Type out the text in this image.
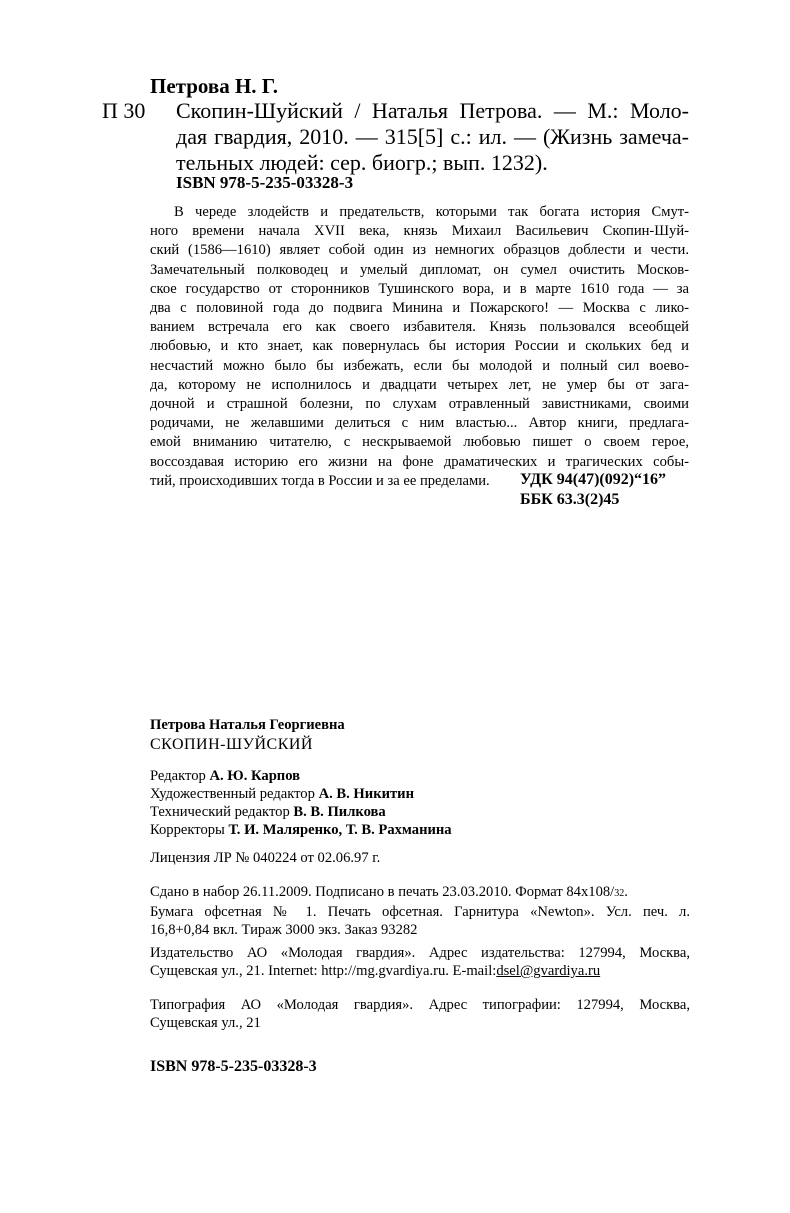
Петрова Н. Г.
П 30 Скопин-Шуйский / Наталья Петрова. — М.: Моло-
дая гвардия, 2010. — 315[5] с.: ил. — (Жизнь замеча-
тельных людей: сер. биогр.; вып. 1232).
ISBN 978-5-235-03328-3
В череде злодейств и предательств, которыми так богата история Смут-
ного времени начала XVII века, князь Михаил Васильевич Скопин-Шуй-
ский (1586—1610) являет собой один из немногих образцов доблести и чести.
Замечательный полководец и умелый дипломат, он сумел очистить Москов-
ское государство от сторонников Тушинского вора, и в марте 1610 года — за
два с половиной года до подвига Минина и Пожарского! — Москва с лико-
ванием встречала его как своего избавителя. Князь пользовался всеобщей
любовью, и кто знает, как повернулась бы история России и скольких бед и
несчастий можно было бы избежать, если бы молодой и полный сил воево-
да, которому не исполнилось и двадцати четырех лет, не умер бы от зага-
дочной и страшной болезни, по слухам отравленный завистниками, своими
родичами, не желавшими делиться с ним властью... Автор книги, предлага-
емой вниманию читателю, с нескрываемой любовью пишет о своем герое,
воссоздавая историю его жизни на фоне драматических и трагических собы-
тий, происходивших тогда в России и за ее пределами.	УДК 94(47)(092)“16”
ББК 63.3(2)45
Петрова Наталья Георгиевна
СКОПИН-ШУЙСКИЙ
Редактор А. Ю. Карпов
Художественный редактор А. В. Никитин
Технический редактор В. В. Пилкова
Корректоры Т. И. Маляренко, Т. В. Рахманина
Лицензия ЛР № 040224 от 02.06.97 г.
Сдано в набор 26.11.2009. Подписано в печать 23.03.2010. Формат 84x108/32.
Бумага офсетная № 1. Печать офсетная. Гарнитура «Newton». Усл. печ. л.
16,8+0,84 вкл. Тираж 3000 экз. Заказ 93282
Издательство АО «Молодая гвардия». Адрес издательства: 127994, Москва,
Сущевская ул., 21. Internet: http://mg.gvardiya.ru. E-mail:dsel@gvardiya.ru
Типография АО «Молодая гвардия». Адрес типографии: 127994, Москва,
Сущевская ул., 21
ISBN 978-5-235-03328-3
